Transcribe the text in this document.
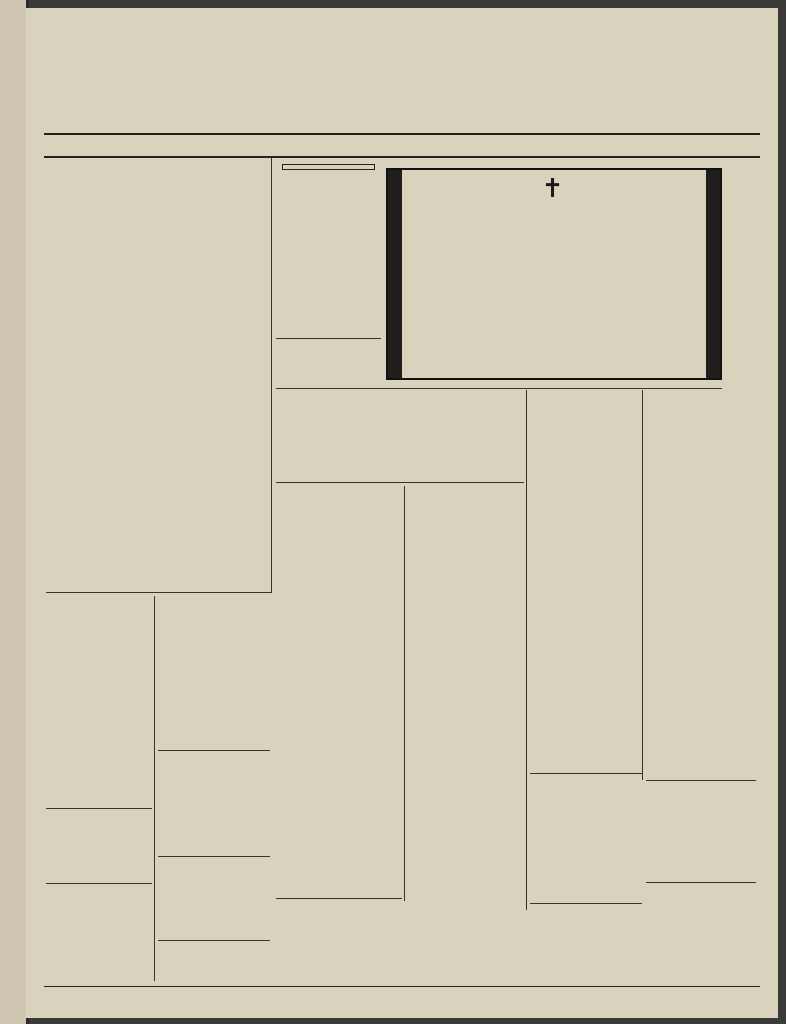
✝
